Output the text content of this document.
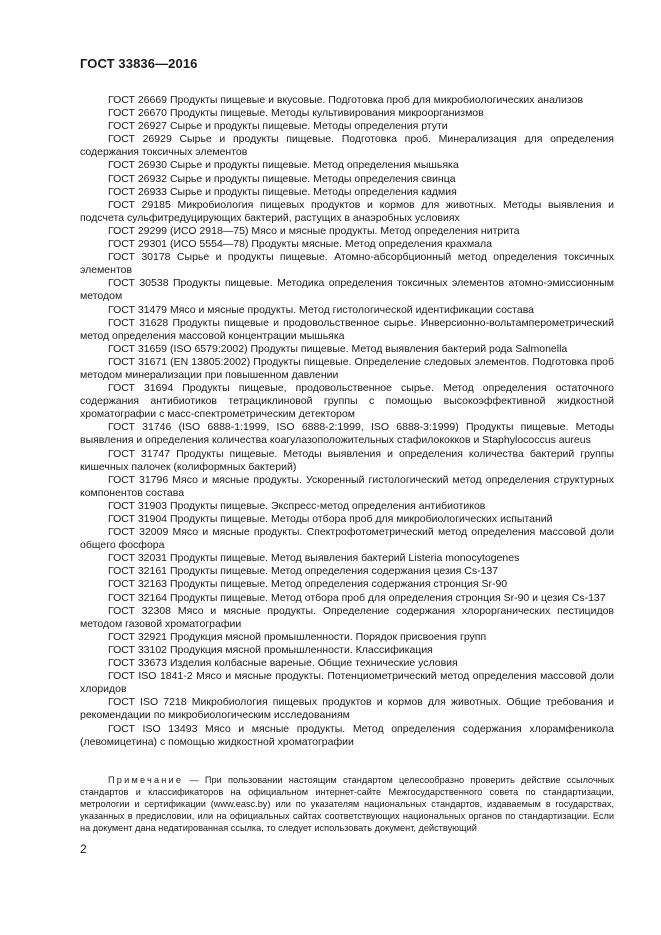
ГОСТ 33836—2016

ГОСТ 26669 Продукты пищевые и вкусовые. Подготовка проб для микробиологических анализов

ГОСТ 26670 Продукты пищевые. Методы культивирования микроорганизмов

ГОСТ 26927 Сырье и продукты пищевые. Методы определения ртути

ГОСТ 26929 Сырье и продукты пищевые. Подготовка проб. Минерализация для определения содержания токсичных элементов

ГОСТ 26930 Сырье и продукты пищевые. Метод определения мышьяка

ГОСТ 26932 Сырье и продукты пищевые. Методы определения свинца

ГОСТ 26933 Сырье и продукты пищевые. Методы определения кадмия

ГОСТ 29185 Микробиология пищевых продуктов и кормов для животных. Методы выявления и подсчета сульфитредуцирующих бактерий, растущих в анаэробных условиях

ГОСТ 29299 (ИСО 2918—75) Мясо и мясные продукты. Метод определения нитрита

ГОСТ 29301 (ИСО 5554—78) Продукты мясные. Метод определения крахмала

ГОСТ 30178 Сырье и продукты пищевые. Атомно-абсорбционный метод определения токсичных элементов

ГОСТ 30538 Продукты пищевые. Методика определения токсичных элементов атомно-эмиссионным методом

ГОСТ 31479 Мясо и мясные продукты. Метод гистологической идентификации состава

ГОСТ 31628 Продукты пищевые и продовольственное сырье. Инверсионно-вольтамперометрический метод определения массовой концентрации мышьяка

ГОСТ 31659 (ISO 6579:2002) Продукты пищевые. Метод выявления бактерий рода Salmonella

ГОСТ 31671 (EN 13805:2002) Продукты пищевые. Определение следовых элементов. Подготовка проб методом минерализации при повышенном давлении

ГОСТ 31694 Продукты пищевые, продовольственное сырье. Метод определения остаточного содержания антибиотиков тетрациклиновой группы с помощью высокоэффективной жидкостной хроматографии с масс-спектрометрическим детектором

ГОСТ 31746 (ISO 6888-1:1999, ISO 6888-2:1999, ISO 6888-3:1999) Продукты пищевые. Методы выявления и определения количества коагулазоположительных стафилококков и Staphylococcus aureus

ГОСТ 31747 Продукты пищевые. Методы выявления и определения количества бактерий группы кишечных палочек (колиформных бактерий)

ГОСТ 31796 Мясо и мясные продукты. Ускоренный гистологический метод определения структурных компонентов состава

ГОСТ 31903 Продукты пищевые. Экспресс-метод определения антибиотиков

ГОСТ 31904 Продукты пищевые. Методы отбора проб для микробиологических испытаний

ГОСТ 32009 Мясо и мясные продукты. Спектрофотометрический метод определения массовой доли общего фосфора

ГОСТ 32031 Продукты пищевые. Метод выявления бактерий Listeria monocytogenes

ГОСТ 32161 Продукты пищевые. Метод определения содержания цезия Cs-137

ГОСТ 32163 Продукты пищевые. Метод определения содержания стронция Sr-90

ГОСТ 32164 Продукты пищевые. Метод отбора проб для определения стронция Sr-90 и цезия Cs-137

ГОСТ 32308 Мясо и мясные продукты. Определение содержания хлорорганических пестицидов методом газовой хроматографии

ГОСТ 32921 Продукция мясной промышленности. Порядок присвоения групп

ГОСТ 33102 Продукция мясной промышленности. Классификация

ГОСТ 33673 Изделия колбасные вареные. Общие технические условия

ГОСТ ISO 1841-2 Мясо и мясные продукты. Потенциометрический метод определения массовой доли хлоридов

ГОСТ ISO 7218 Микробиология пищевых продуктов и кормов для животных. Общие требования и рекомендации по микробиологическим исследованиям

ГОСТ ISO 13493 Мясо и мясные продукты. Метод определения содержания хлорамфеникола (левомицетина) с помощью жидкостной хроматографии

Примечание — При пользовании настоящим стандартом целесообразно проверить действие ссылочных стандартов и классификаторов на официальном интернет-сайте Межгосударственного совета по стандартизации, метрологии и сертификации (www.easc.by) или по указателям национальных стандартов, издаваемым в государствах, указанных в предисловии, или на официальных сайтах соответствующих национальных органов по стандартизации. Если на документ дана недатированная ссылка, то следует использовать документ, действующий

2
